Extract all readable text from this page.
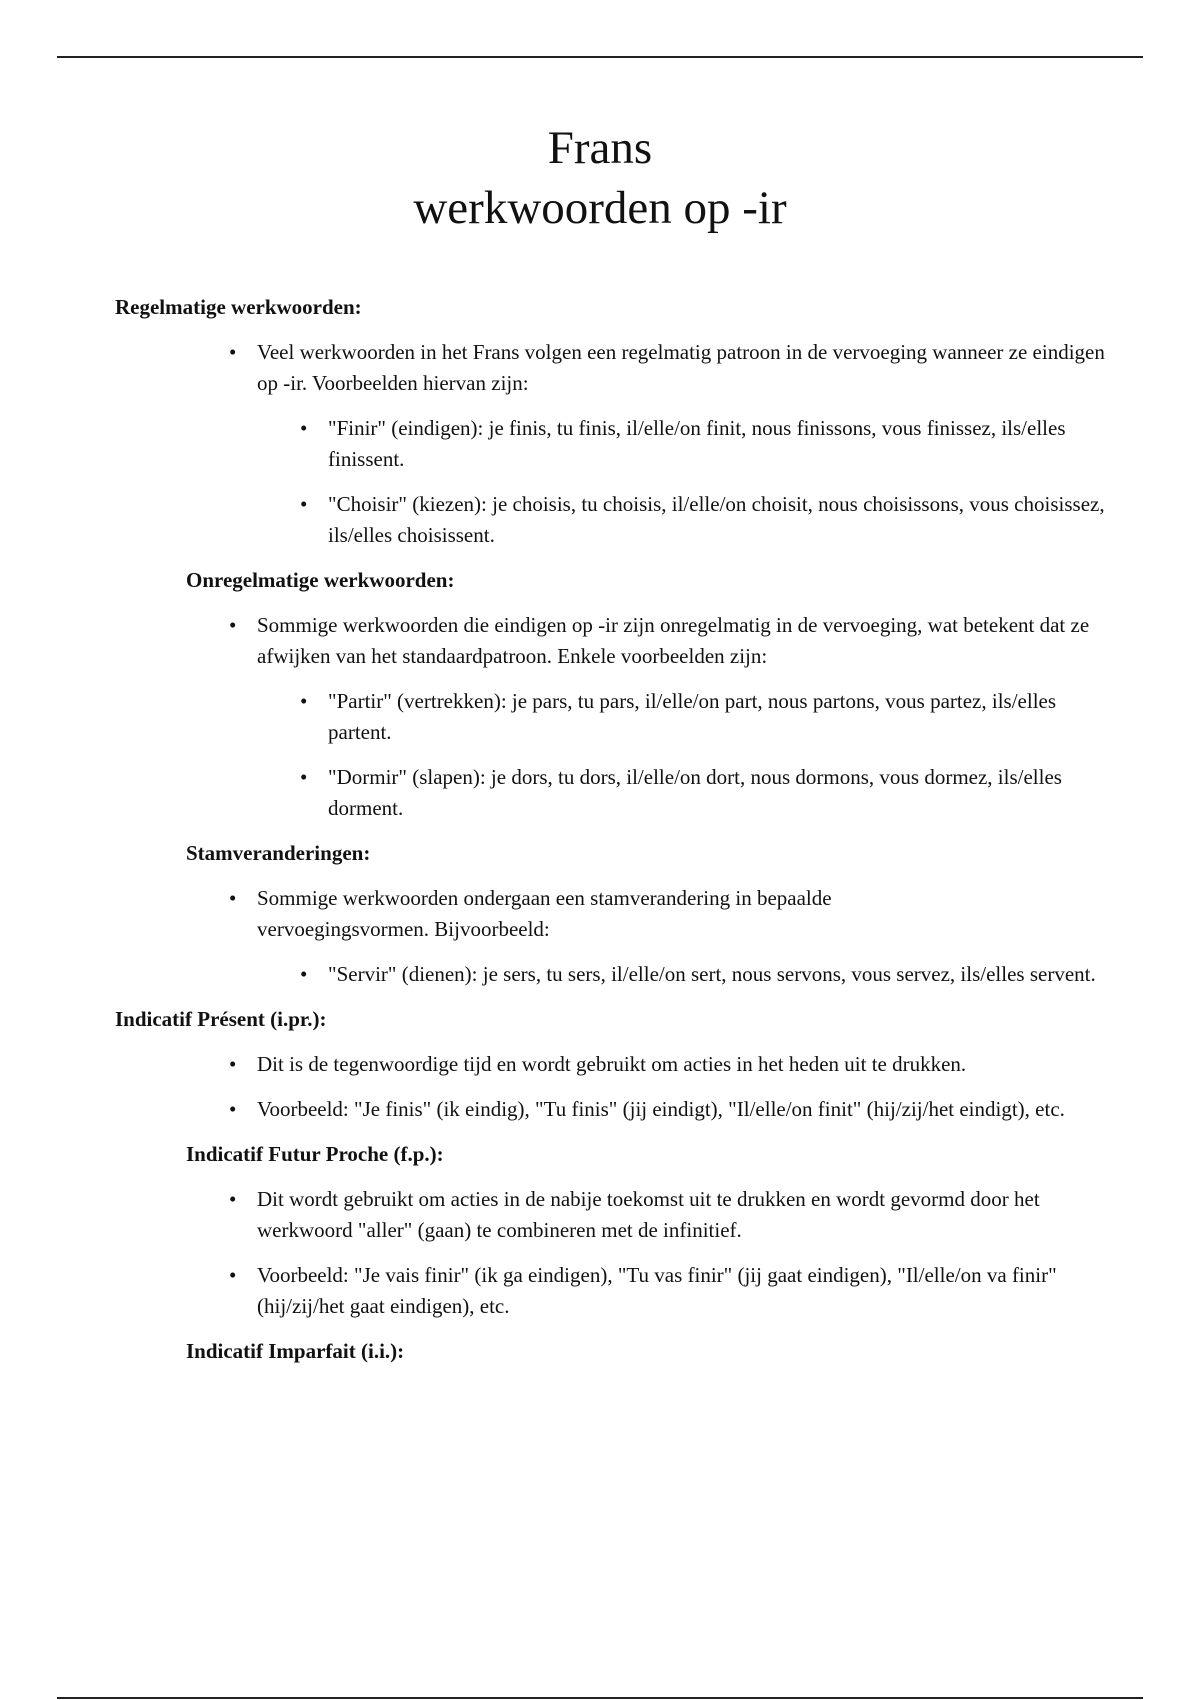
Frans
werkwoorden op -ir
Regelmatige werkwoorden:
• Veel werkwoorden in het Frans volgen een regelmatig patroon in de vervoeging wanneer ze eindigen op -ir. Voorbeelden hiervan zijn:
• "Finir" (eindigen): je finis, tu finis, il/elle/on finit, nous finissons, vous finissez, ils/elles finissent.
• "Choisir" (kiezen): je choisis, tu choisis, il/elle/on choisit, nous choisissons, vous choisissez, ils/elles choisissent.
Onregelmatige werkwoorden:
• Sommige werkwoorden die eindigen op -ir zijn onregelmatig in de vervoeging, wat betekent dat ze afwijken van het standaardpatroon. Enkele voorbeelden zijn:
• "Partir" (vertrekken): je pars, tu pars, il/elle/on part, nous partons, vous partez, ils/elles partent.
• "Dormir" (slapen): je dors, tu dors, il/elle/on dort, nous dormons, vous dormez, ils/elles dorment.
Stamveranderingen:
• Sommige werkwoorden ondergaan een stamverandering in bepaalde vervoegingsvormen. Bijvoorbeeld:
• "Servir" (dienen): je sers, tu sers, il/elle/on sert, nous servons, vous servez, ils/elles servent.
Indicatif Présent (i.pr.):
• Dit is de tegenwoordige tijd en wordt gebruikt om acties in het heden uit te drukken.
• Voorbeeld: "Je finis" (ik eindig), "Tu finis" (jij eindigt), "Il/elle/on finit" (hij/zij/het eindigt), etc.
Indicatif Futur Proche (f.p.):
• Dit wordt gebruikt om acties in de nabije toekomst uit te drukken en wordt gevormd door het werkwoord "aller" (gaan) te combineren met de infinitief.
• Voorbeeld: "Je vais finir" (ik ga eindigen), "Tu vas finir" (jij gaat eindigen), "Il/elle/on va finir" (hij/zij/het gaat eindigen), etc.
Indicatif Imparfait (i.i.):
